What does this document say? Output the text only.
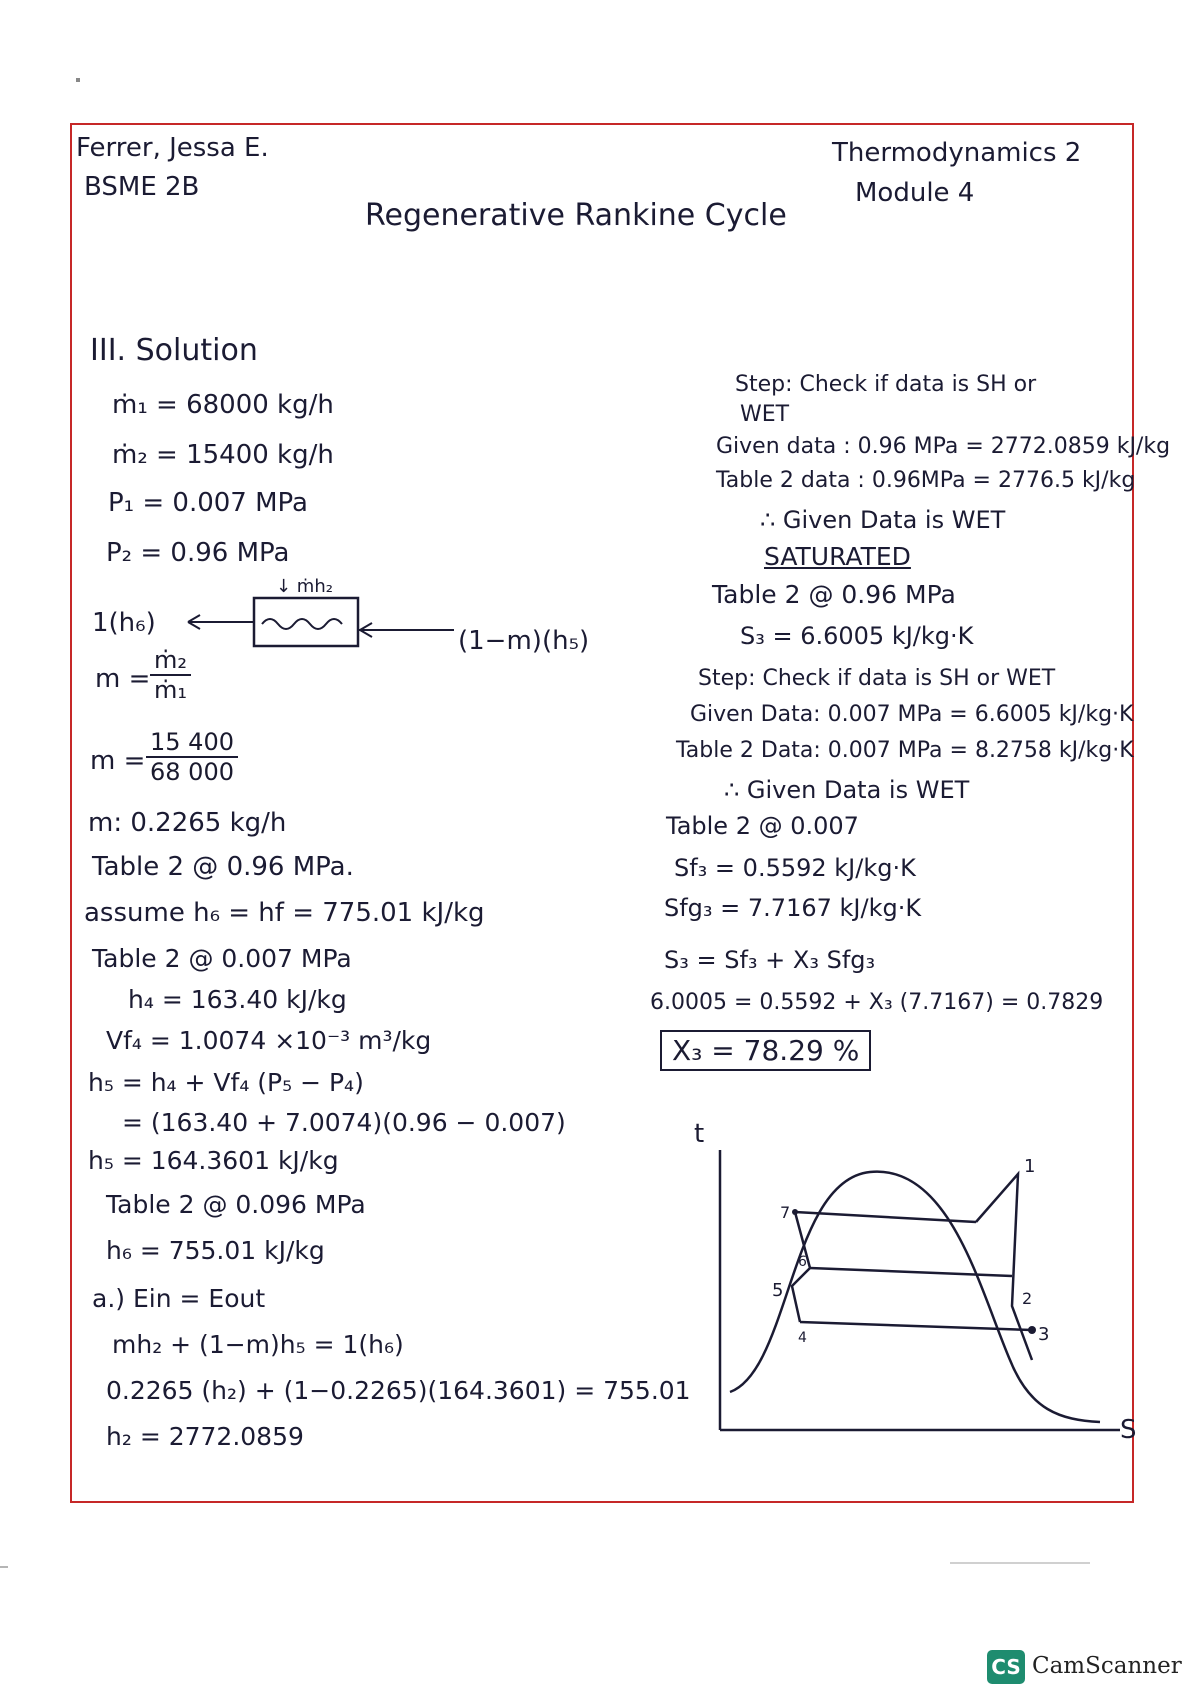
Ferrer, Jessa E.
BSME 2B
Thermodynamics 2
Module 4
Regenerative Rankine Cycle
III. Solution
ṁ₁ = 68000 kg/h
ṁ₂ = 15400 kg/h
P₁ = 0.007 MPa
P₂ = 0.96 MPa
↓ ṁh₂
1(h₆)
(1−m)(h₅)
$m = \frac{\text{ṁ₂}}{\text{ṁ₁}}$
$m = \frac{15 400}{68 000}$
m: 0.2265 kg/h
Table 2 @ 0.96 MPa.
assume h₆ = hf = 775.01 kJ/kg
Table 2 @ 0.007 MPa
h₄ = 163.40 kJ/kg
Vf₄ = 1.0074 ×10⁻³ m³/kg
h₅ = h₄ + Vf₄ (P₅ − P₄)
= (163.40 + 7.0074)(0.96 − 0.007)
h₅ = 164.3601 kJ/kg
Table 2 @ 0.096 MPa
h₆ = 755.01 kJ/kg
a.) Ein = Eout
mh₂ + (1−m)h₅ = 1(h₆)
0.2265 (h₂) + (1−0.2265)(164.3601) = 755.01
h₂ = 2772.0859
Step: Check if data is SH or
WET
Given data : 0.96 MPa = 2772.0859 kJ/kg
Table 2 data : 0.96MPa = 2776.5 kJ/kg
∴ Given Data is WET
SATURATED
Table 2 @ 0.96 MPa
S₃ = 6.6005 kJ/kg·K
Step: Check if data is SH or WET
Given Data: 0.007 MPa = 6.6005 kJ/kg·K
Table 2 Data: 0.007 MPa = 8.2758 kJ/kg·K
∴ Given Data is WET
Table 2 @ 0.007
Sf₃ = 0.5592 kJ/kg·K
Sfg₃ = 7.7167 kJ/kg·K
S₃ = Sf₃ + X₃ Sfg₃
6.0005 = 0.5592 + X₃ (7.7167) = 0.7829
X₃ = 78.29 %
t
S
1
2
3
4
5
6
7
CS CamScanner
